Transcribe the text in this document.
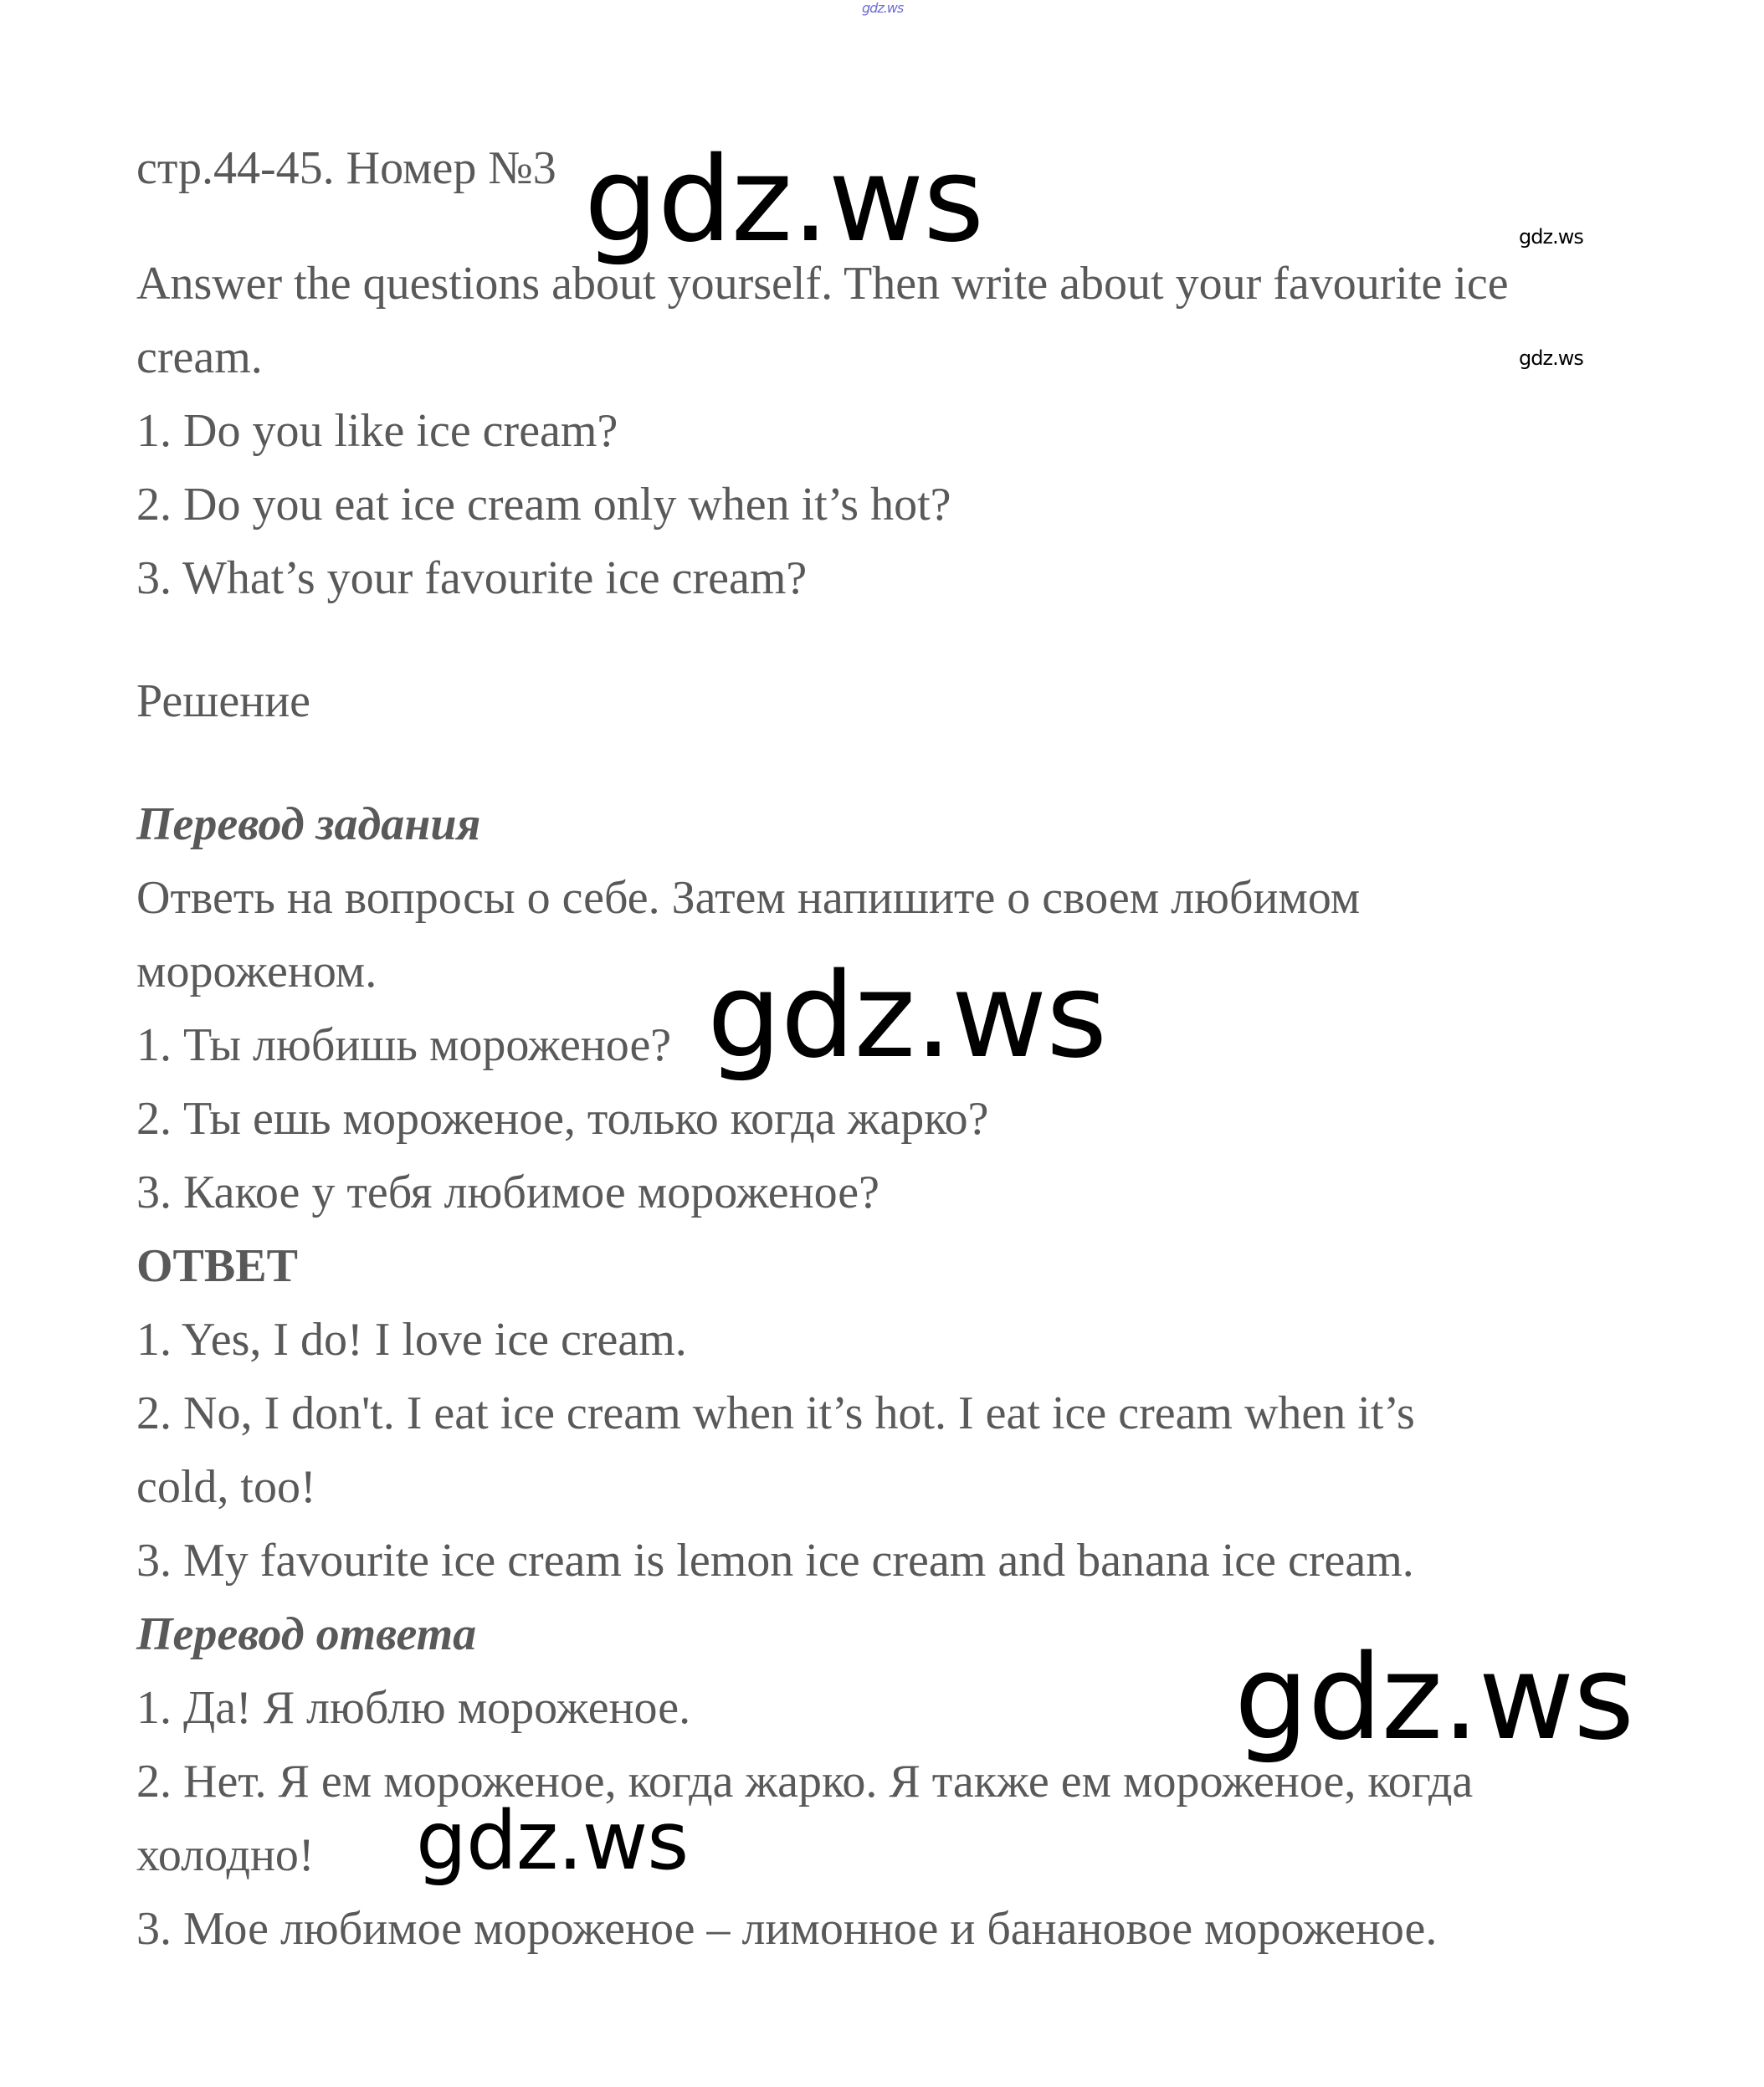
gdz.ws

стр.44-45. Номер №3

Answer the questions about yourself. Then write about your favourite ice

cream.

1. Do you like ice cream?

2. Do you eat ice cream only when it’s hot?

3. What’s your favourite ice cream?

Решение

Перевод задания

Ответь на вопросы о себе. Затем напишите о своем любимом

мороженом.

1. Ты любишь мороженое?

2. Ты ешь мороженое, только когда жарко?

3. Какое у тебя любимое мороженое?

ОТВЕТ

1. Yes, I do! I love ice cream.

2. No, I don't. I eat ice cream when it’s hot. I eat ice cream when it’s

cold, too!

3. My favourite ice cream is lemon ice cream and banana ice cream.

Перевод ответа

1. Да! Я люблю мороженое.

2. Нет. Я ем мороженое, когда жарко. Я также ем мороженое, когда

холодно!

3. Мое любимое мороженое – лимонное и банановое мороженое.

gdz.ws
gdz.ws
gdz.ws
gdz.ws
gdz.ws
gdz.ws
